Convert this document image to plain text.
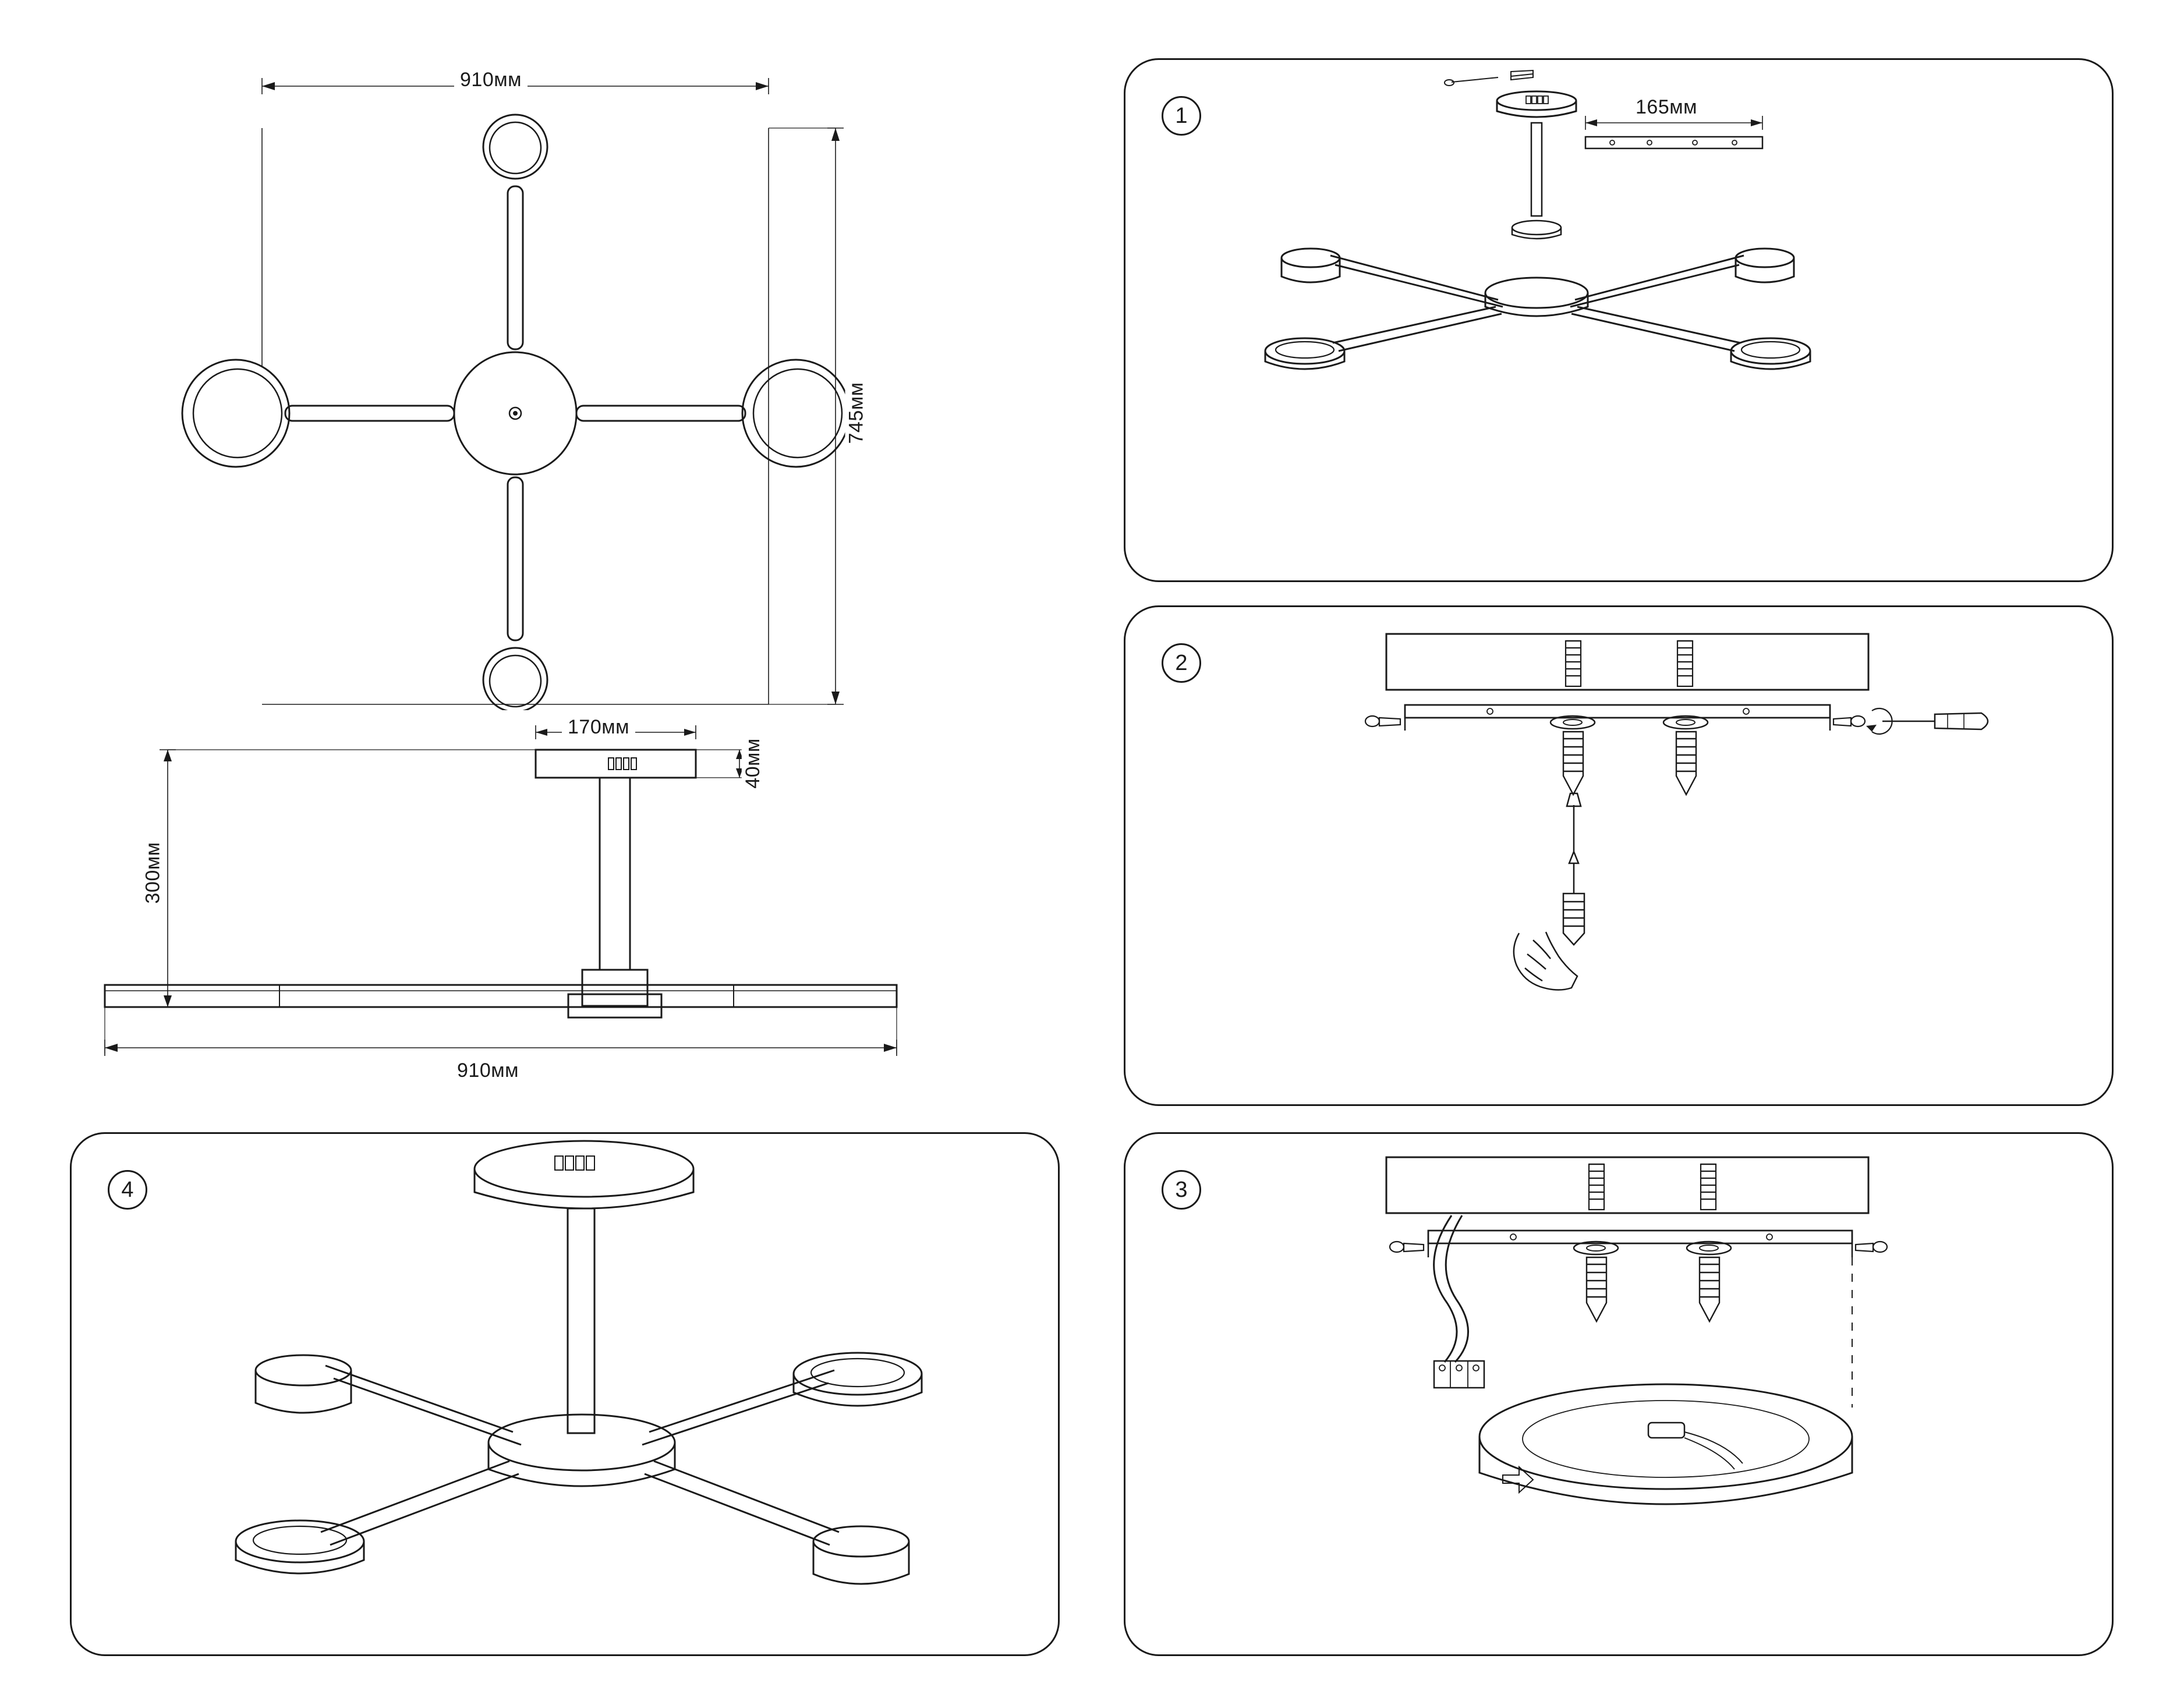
910мм
745мм
170мм
40мм
300мм
910мм
1	165мм
2
3
4
